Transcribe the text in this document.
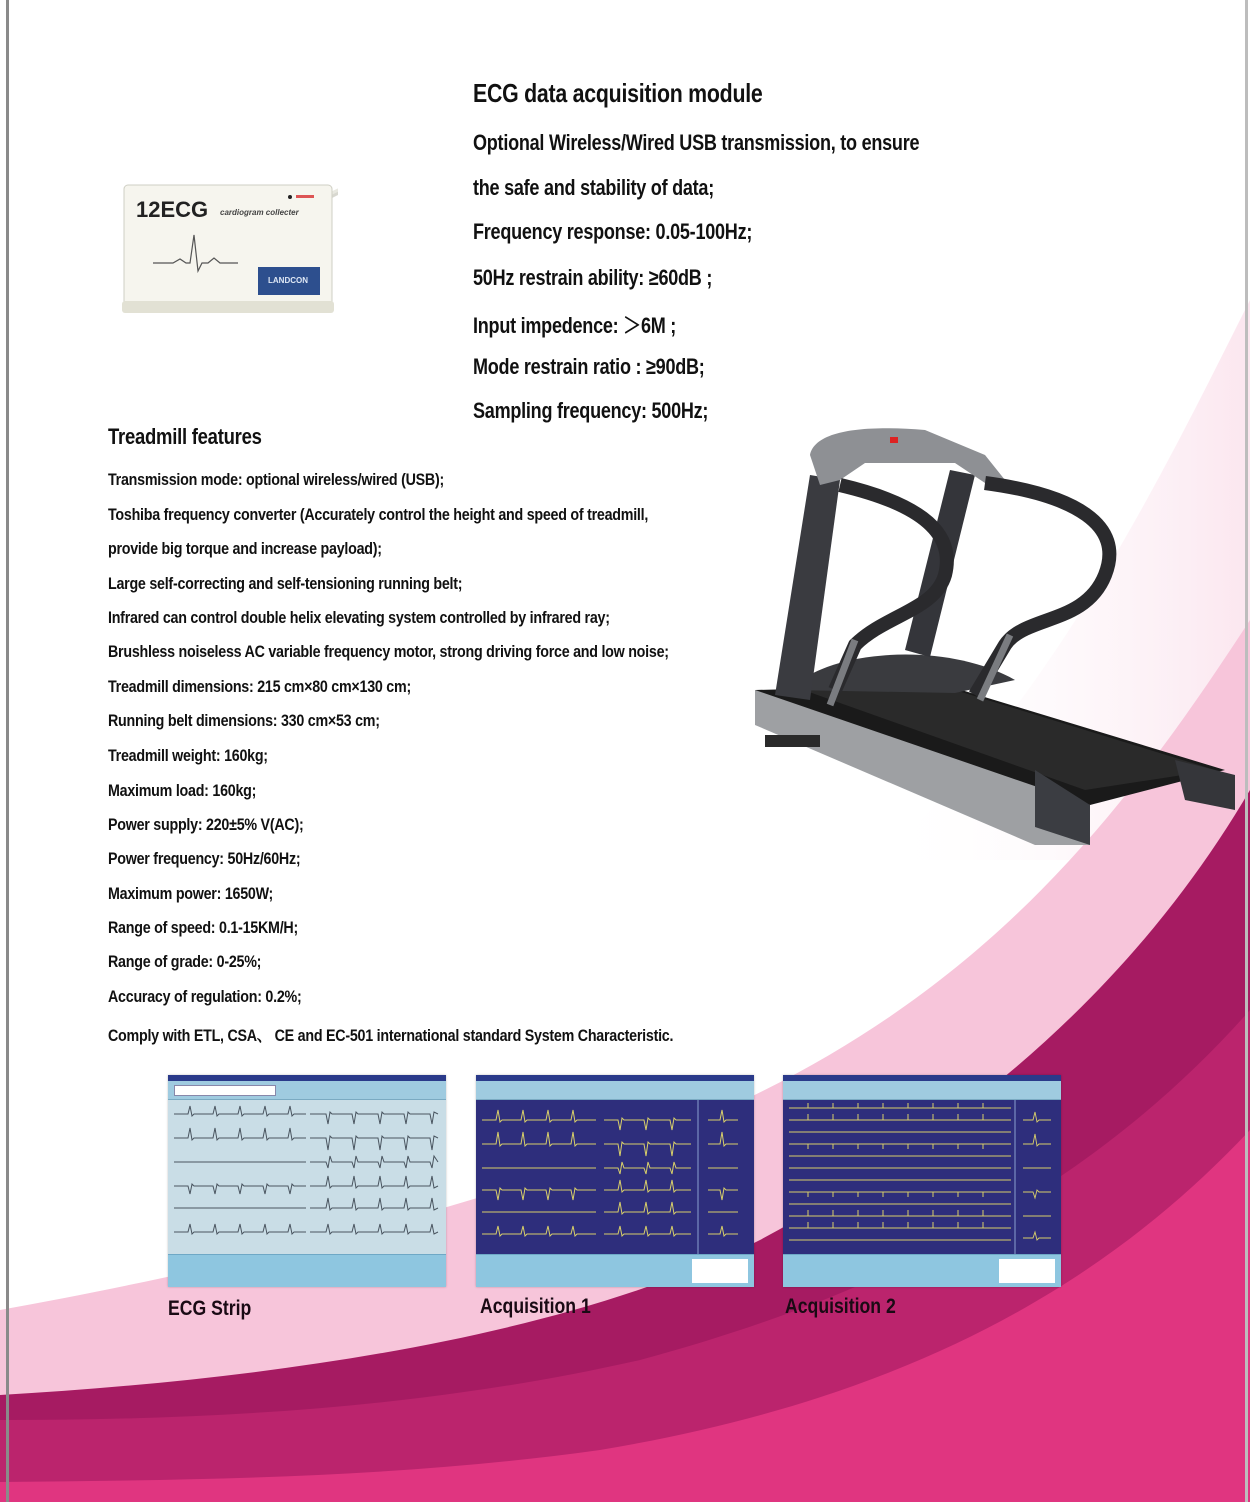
12ECG cardiogram collecter
LANDCON
ECG data acquisition module
Optional Wireless/Wired USB transmission, to ensure
the safe and stability of data;
Frequency response: 0.05-100Hz;
50Hz restrain ability: ≥60dB ;
Input impedence: ＞6M ;
Mode restrain ratio : ≥90dB;
Sampling frequency: 500Hz;
Treadmill features
Transmission mode: optional wireless/wired (USB);
Toshiba frequency converter (Accurately control the height and speed of treadmill,
provide big torque and increase payload);
Large self-correcting and self-tensioning running belt;
Infrared can control double helix elevating system controlled by infrared ray;
Brushless noiseless AC variable frequency motor, strong driving force and low noise;
Treadmill dimensions: 215 cm×80 cm×130 cm;
Running belt dimensions: 330 cm×53 cm;
Treadmill weight: 160kg;
Maximum load: 160kg;
Power supply: 220±5% V(AC);
Power frequency: 50Hz/60Hz;
Maximum power: 1650W;
Range of speed: 0.1-15KM/H;
Range of grade: 0-25%;
Accuracy of regulation: 0.2%;
Comply with ETL, CSA、 CE and EC-501 international standard System Characteristic.
ECG Strip	Acquisition 1	Acquisition 2
